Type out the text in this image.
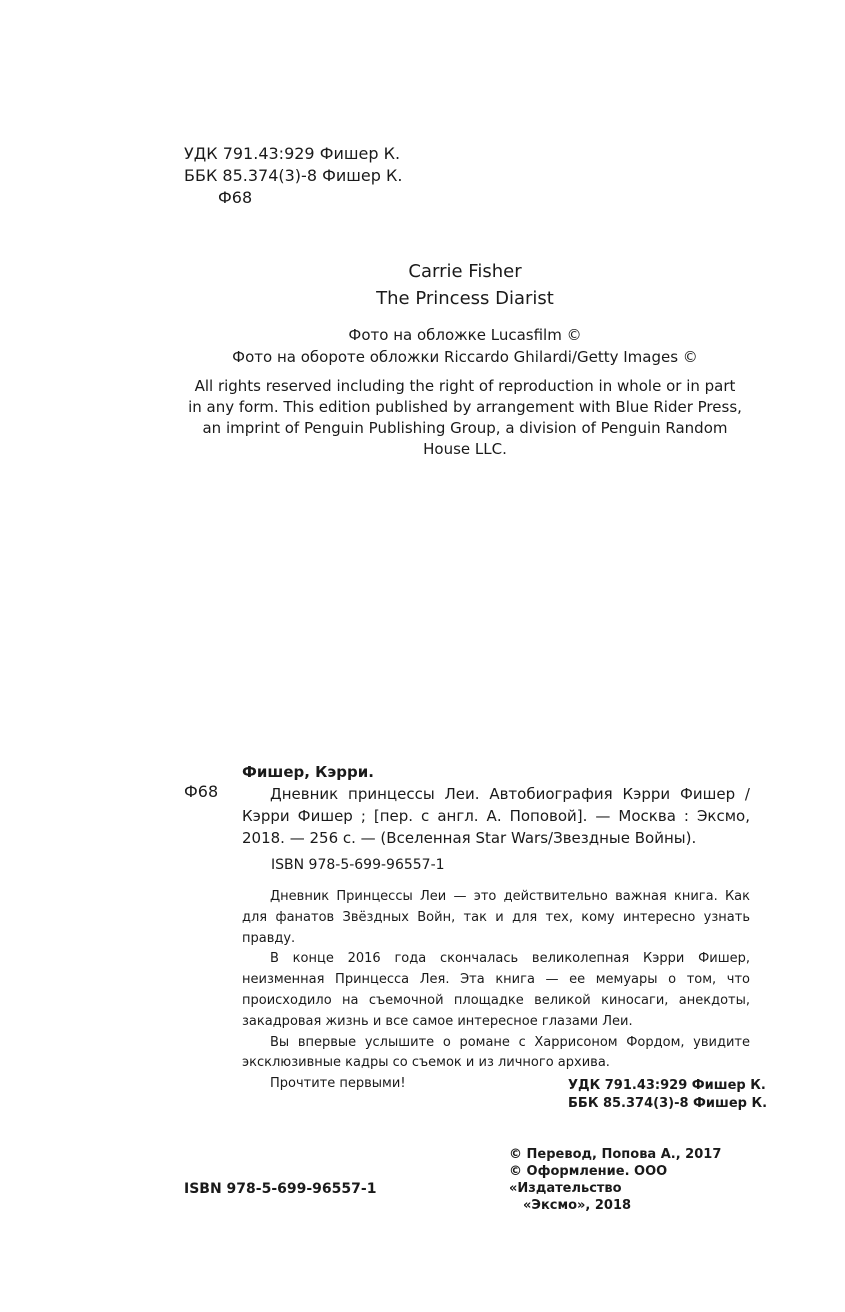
УДК 791.43:929 Фишер К.
ББК 85.374(3)-8 Фишер К.
Ф68
Carrie Fisher
The Princess Diarist
Фото на обложке Lucasfilm ©
Фото на обороте обложки Riccardo Ghilardi/Getty Images ©
All rights reserved including the right of reproduction in whole or in part
in any form. This edition published by arrangement with Blue Rider Press,
an imprint of Penguin Publishing Group, a division of Penguin Random
House LLC.
Ф68
Фишер, Кэрри.
Дневник принцессы Леи. Автобиография Кэрри Фишер / Кэрри Фишер ; [пер. с англ. А. Поповой]. — Москва : Эксмо, 2018. — 256 с. — (Вселенная Star Wars/Звездные Войны).
ISBN 978-5-699-96557-1

Дневник Принцессы Леи — это действительно важная книга. Как для фанатов Звёздных Войн, так и для тех, кому интересно узнать правду.

В конце 2016 года скончалась великолепная Кэрри Фишер, неизменная Принцесса Лея. Эта книга — ее мемуары о том, что происходило на съемочной площадке великой киносаги, анекдоты, закадровая жизнь и все самое интересное глазами Леи.

Вы впервые услышите о романе с Харрисоном Фордом, увидите эксклюзивные кадры со съемок и из личного архива.

Прочтите первыми!	УДК 791.43:929 Фишер К.
ББК 85.374(3)-8 Фишер К.
© Перевод, Попова А., 2017
© Оформление. ООО «Издательство
«Эксмо», 2018
ISBN 978-5-699-96557-1
